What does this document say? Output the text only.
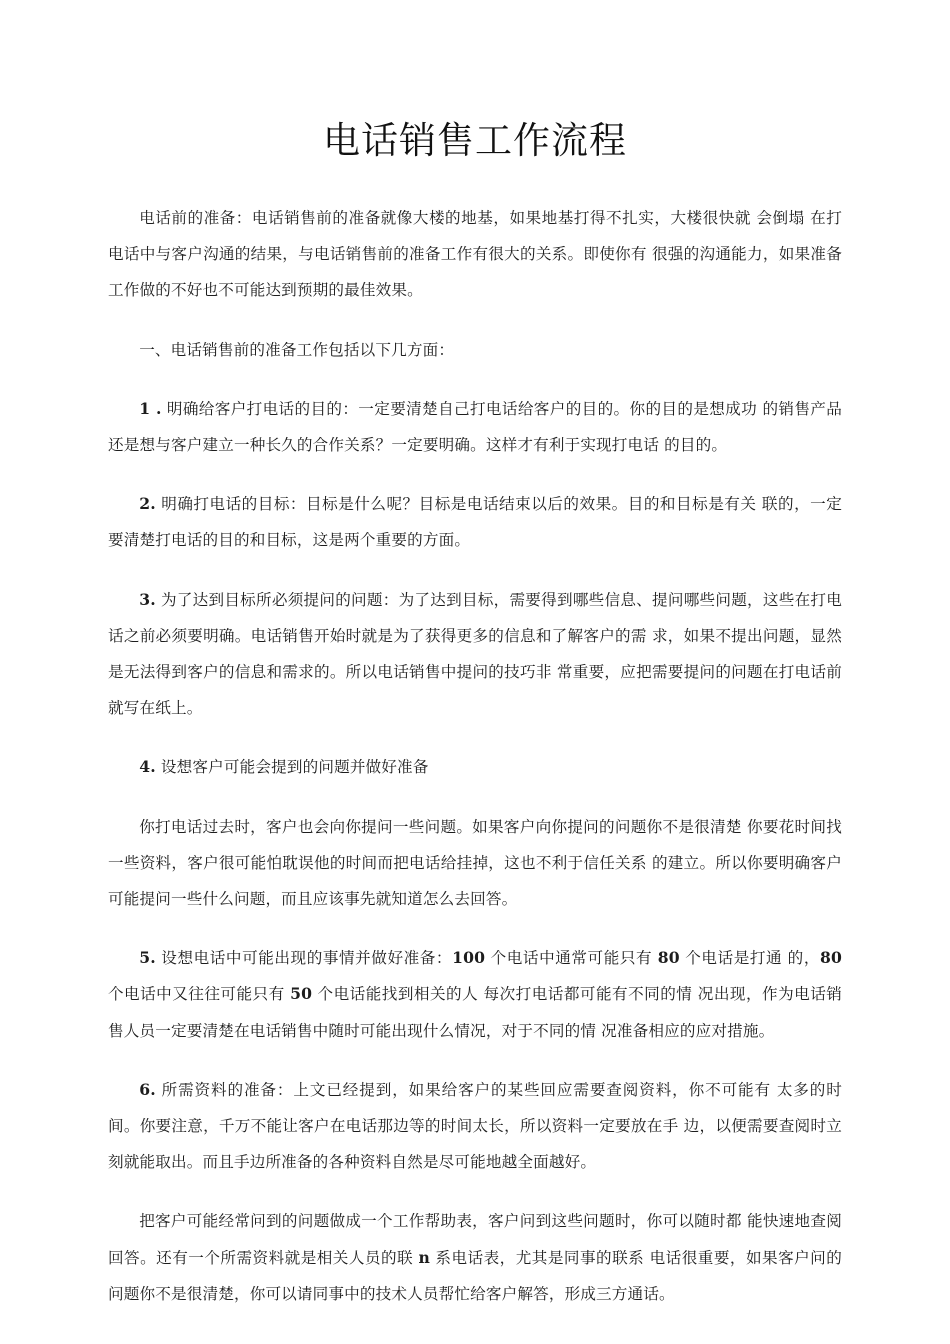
电话销售工作流程

电话前的准备：电话销售前的准备就像大楼的地基，如果地基打得不扎实，大楼很快就 会倒塌 在打电话中与客户沟通的结果，与电话销售前的准备工作有很大的关系。即使你有 很强的沟通能力，如果准备工作做的不好也不可能达到预期的最佳效果。

一、电话销售前的准备工作包括以下几方面：

1 . 明确给客户打电话的目的：一定要清楚自己打电话给客户的目的。你的目的是想成功 的销售产品还是想与客户建立一种长久的合作关系？一定要明确。这样才有利于实现打电话 的目的。

2. 明确打电话的目标：目标是什么呢？目标是电话结束以后的效果。目的和目标是有关 联的，一定要清楚打电话的目的和目标，这是两个重要的方面。

3. 为了达到目标所必须提问的问题：为了达到目标，需要得到哪些信息、提问哪些问题，这些在打电话之前必须要明确。电话销售开始时就是为了获得更多的信息和了解客户的需 求，如果不提出问题，显然是无法得到客户的信息和需求的。所以电话销售中提问的技巧非 常重要，应把需要提问的问题在打电话前就写在纸上。

4. 设想客户可能会提到的问题并做好准备

你打电话过去时，客户也会向你提问一些问题。如果客户向你提问的问题你不是很清楚 你要花时间找一些资料，客户很可能怕耽误他的时间而把电话给挂掉，这也不利于信任关系 的建立。所以你要明确客户可能提问一些什么问题，而且应该事先就知道怎么去回答。

5. 设想电话中可能出现的事情并做好准备：100 个电话中通常可能只有 80 个电话是打通 的，80 个电话中又往往可能只有 50 个电话能找到相关的人 每次打电话都可能有不同的情 况出现，作为电话销售人员一定要清楚在电话销售中随时可能出现什么情况，对于不同的情 况准备相应的应对措施。

6. 所需资料的准备：上文已经提到，如果给客户的某些回应需要查阅资料，你不可能有 太多的时间。你要注意，千万不能让客户在电话那边等的时间太长，所以资料一定要放在手 边，以便需要查阅时立刻就能取出。而且手边所准备的各种资料自然是尽可能地越全面越好。

把客户可能经常问到的问题做成一个工作帮助表，客户问到这些问题时，你可以随时都 能快速地查阅回答。还有一个所需资料就是相关人员的联 n 系电话表，尤其是同事的联系 电话很重要，如果客户问的问题你不是很清楚，你可以请同事中的技术人员帮忙给客户解答，形成三方通话。
